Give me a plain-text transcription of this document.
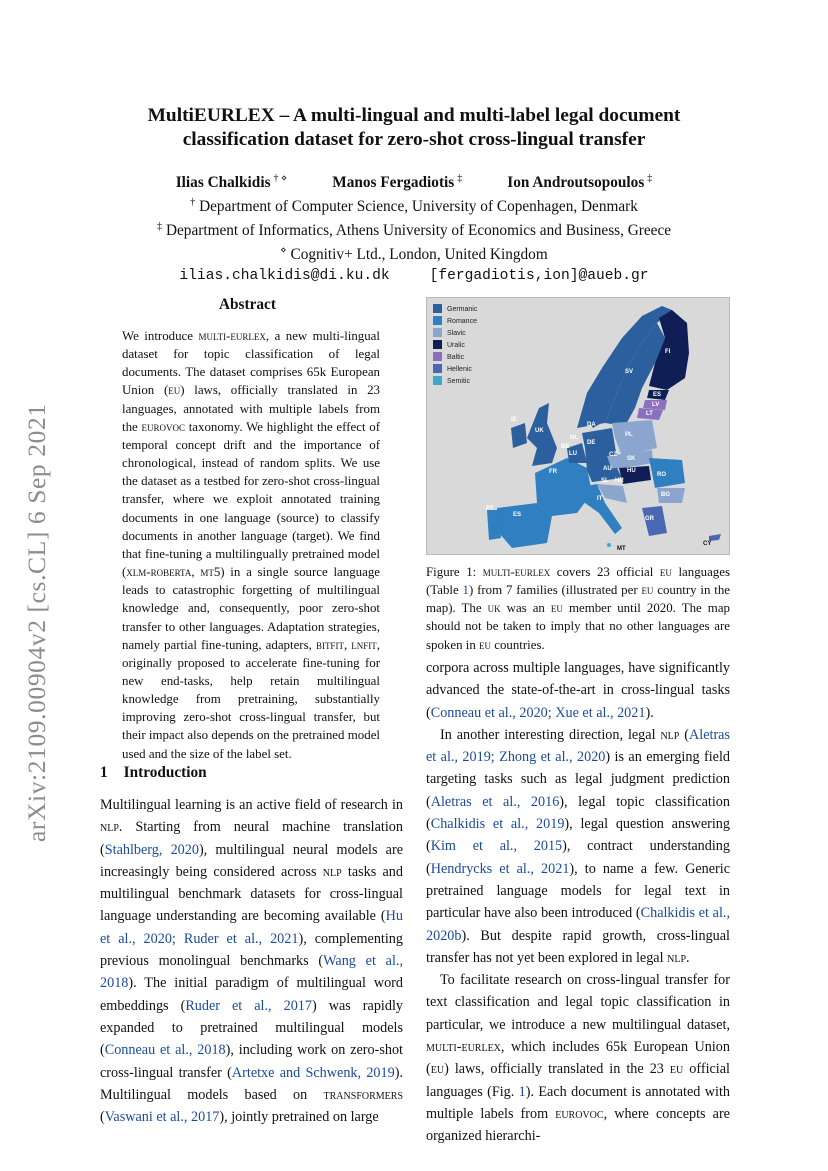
arXiv:2109.00904v2 [cs.CL] 6 Sep 2021
MultiEURLEX – A multi-lingual and multi-label legal document classification dataset for zero-shot cross-lingual transfer
Ilias Chalkidis † ⋄	Manos Fergadiotis ‡	Ion Androutsopoulos ‡
† Department of Computer Science, University of Copenhagen, Denmark
‡ Department of Informatics, Athens University of Economics and Business, Greece
⋄ Cognitiv+ Ltd., London, United Kingdom
ilias.chalkidis@di.ku.dk	[fergadiotis,ion]@aueb.gr
Abstract
We introduce multi-eurlex, a new multi-lingual dataset for topic classification of legal documents. The dataset comprises 65k European Union (eu) laws, officially translated in 23 languages, annotated with multiple labels from the eurovoc taxonomy. We highlight the effect of temporal concept drift and the importance of chronological, instead of random splits. We use the dataset as a testbed for zero-shot cross-lingual transfer, where we exploit annotated training documents in one language (source) to classify documents in another language (target). We find that fine-tuning a multilingually pretrained model (xlm-roberta, mt5) in a single source language leads to catastrophic forgetting of multilingual knowledge and, consequently, poor zero-shot transfer to other languages. Adaptation strategies, namely partial fine-tuning, adapters, bitfit, lnfit, originally proposed to accelerate fine-tuning for new end-tasks, help retain multilingual knowledge from pretraining, substantially improving zero-shot cross-lingual transfer, but their impact also depends on the pretrained model used and the size of the label set.
1 Introduction
Multilingual learning is an active field of research in nlp. Starting from neural machine translation (Stahlberg, 2020), multilingual neural models are increasingly being considered across nlp tasks and multilingual benchmark datasets for cross-lingual language understanding are becoming available (Hu et al., 2020; Ruder et al., 2021), complementing previous monolingual benchmarks (Wang et al., 2018). The initial paradigm of multilingual word embeddings (Ruder et al., 2017) was rapidly expanded to pretrained multilingual models (Conneau et al., 2018), including work on zero-shot cross-lingual transfer (Artetxe and Schwenk, 2019). Multilingual models based on transformers (Vaswani et al., 2017), jointly pretrained on large
Germanic
Romance
Slavic
Uralic
Baltic
Hellenic
Semitic
FI
SV
ES
LV
LT
IE
UK
NL
BE
LU
DE
PL
CZ
SK
AU	HU
RO
FR
SL HR
IT
BG
PT
ES
GR
MT
CY
DA
Figure 1: multi-eurlex covers 23 official eu languages (Table 1) from 7 families (illustrated per eu country in the map). The uk was an eu member until 2020. The map should not be taken to imply that no other languages are spoken in eu countries.

corpora across multiple languages, have significantly advanced the state-of-the-art in cross-lingual tasks (Conneau et al., 2020; Xue et al., 2021).

In another interesting direction, legal nlp (Aletras et al., 2019; Zhong et al., 2020) is an emerging field targeting tasks such as legal judgment prediction (Aletras et al., 2016), legal topic classification (Chalkidis et al., 2019), legal question answering (Kim et al., 2015), contract understanding (Hendrycks et al., 2021), to name a few. Generic pretrained language models for legal text in particular have also been introduced (Chalkidis et al., 2020b). But despite rapid growth, cross-lingual transfer has not yet been explored in legal nlp.

To facilitate research on cross-lingual transfer for text classification and legal topic classification in particular, we introduce a new multilingual dataset, multi-eurlex, which includes 65k European Union (eu) laws, officially translated in the 23 eu official languages (Fig. 1). Each document is annotated with multiple labels from eurovoc, where concepts are organized hierarchi-
